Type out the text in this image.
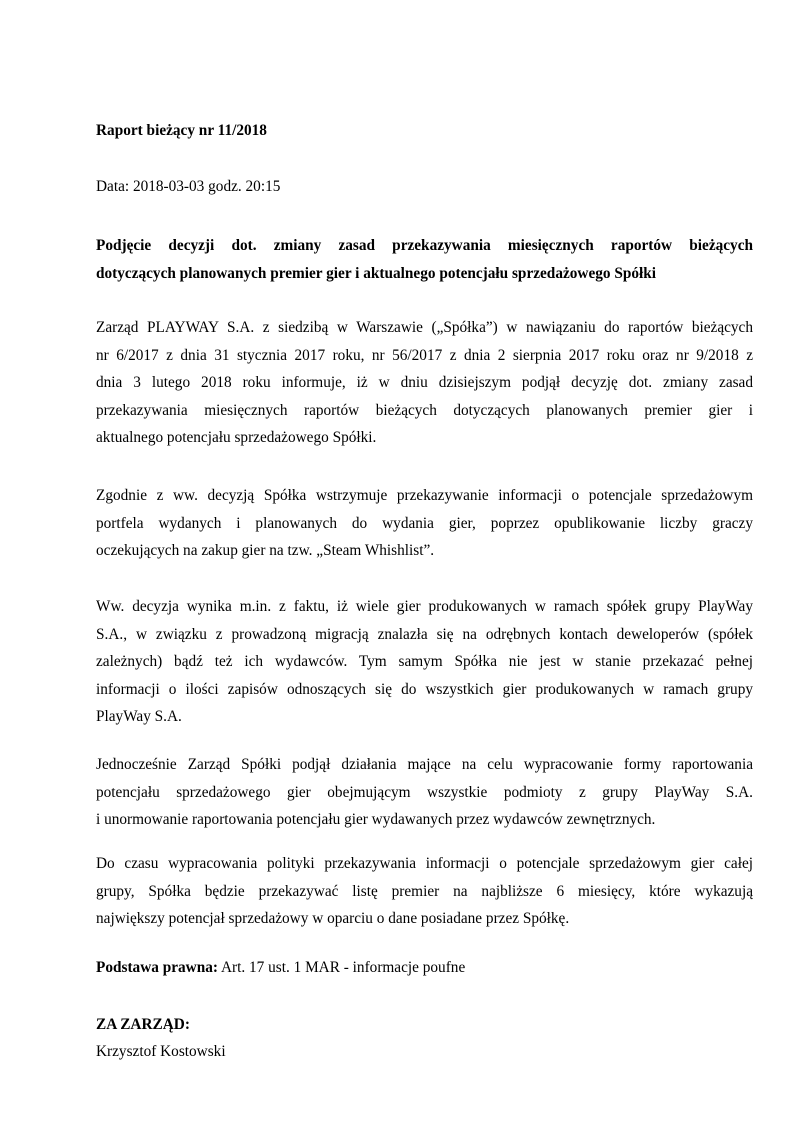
Raport bieżący nr 11/2018
Data: 2018-03-03 godz. 20:15
Podjęcie decyzji dot. zmiany zasad przekazywania miesięcznych raportów bieżących
dotyczących planowanych premier gier i aktualnego potencjału sprzedażowego Spółki
Zarząd PLAYWAY S.A. z siedzibą w Warszawie („Spółka”) w nawiązaniu do raportów bieżących
nr 6/2017 z dnia 31 stycznia 2017 roku, nr 56/2017 z dnia 2 sierpnia 2017 roku oraz nr 9/2018 z
dnia 3 lutego 2018 roku informuje, iż w dniu dzisiejszym podjął decyzję dot. zmiany zasad
przekazywania miesięcznych raportów bieżących dotyczących planowanych premier gier i
aktualnego potencjału sprzedażowego Spółki.
Zgodnie z ww. decyzją Spółka wstrzymuje przekazywanie informacji o potencjale sprzedażowym
portfela wydanych i planowanych do wydania gier, poprzez opublikowanie liczby graczy
oczekujących na zakup gier na tzw. „Steam Whishlist”.
Ww. decyzja wynika m.in. z faktu, iż wiele gier produkowanych w ramach spółek grupy PlayWay
S.A., w związku z prowadzoną migracją znalazła się na odrębnych kontach deweloperów (spółek
zależnych) bądź też ich wydawców. Tym samym Spółka nie jest w stanie przekazać pełnej
informacji o ilości zapisów odnoszących się do wszystkich gier produkowanych w ramach grupy
PlayWay S.A.
Jednocześnie Zarząd Spółki podjął działania mające na celu wypracowanie formy raportowania
potencjału sprzedażowego gier obejmującym wszystkie podmioty z grupy PlayWay S.A.
i unormowanie raportowania potencjału gier wydawanych przez wydawców zewnętrznych.
Do czasu wypracowania polityki przekazywania informacji o potencjale sprzedażowym gier całej
grupy, Spółka będzie przekazywać listę premier na najbliższe 6 miesięcy, które wykazują
największy potencjał sprzedażowy w oparciu o dane posiadane przez Spółkę.
Podstawa prawna: Art. 17 ust. 1 MAR - informacje poufne
ZA ZARZĄD:
Krzysztof Kostowski
